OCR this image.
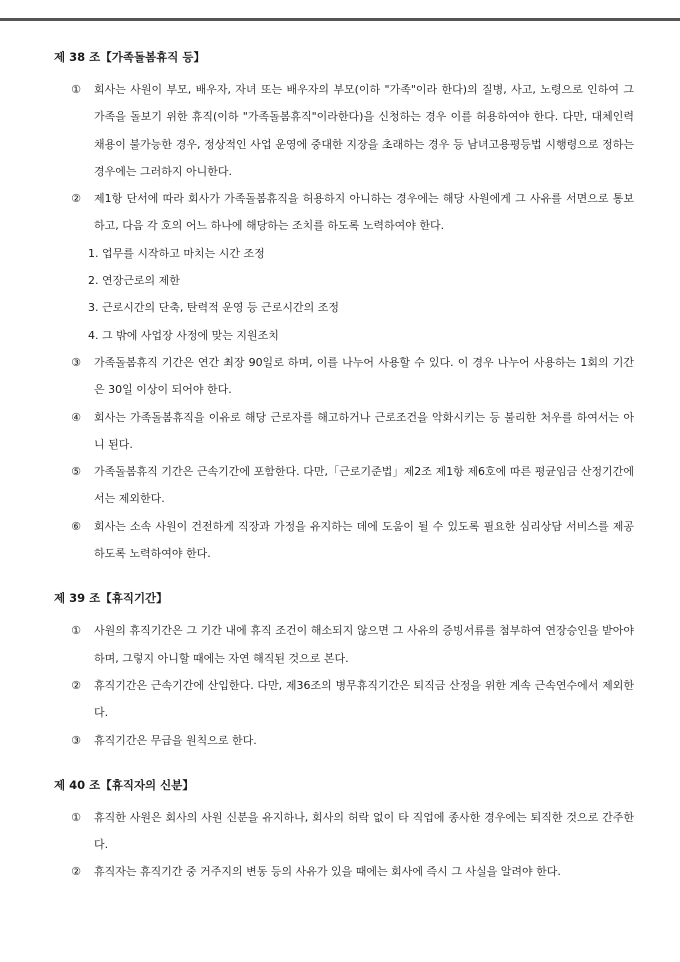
제 38 조【가족돌봄휴직 등】
①	회사는 사원이 부모, 배우자, 자녀 또는 배우자의 부모(이하 "가족"이라 한다)의 질병, 사고, 노령으로 인하여 그 가족을 돌보기 위한 휴직(이하 "가족돌봄휴직"이라한다)을 신청하는 경우 이를 허용하여야 한다. 다만, 대체인력 채용이 불가능한 경우, 정상적인 사업 운영에 중대한 지장을 초래하는 경우 등 남녀고용평등법 시행령으로 정하는 경우에는 그러하지 아니한다.
②	제1항 단서에 따라 회사가 가족돌봄휴직을 허용하지 아니하는 경우에는 해당 사원에게 그 사유를 서면으로 통보하고, 다음 각 호의 어느 하나에 해당하는 조치를 하도록 노력하여야 한다.
1. 업무를 시작하고 마치는 시간 조정
2. 연장근로의 제한
3. 근로시간의 단축, 탄력적 운영 등 근로시간의 조정
4. 그 밖에 사업장 사정에 맞는 지원조치
③	가족돌봄휴직 기간은 연간 최장 90일로 하며, 이를 나누어 사용할 수 있다. 이 경우 나누어 사용하는 1회의 기간은 30일 이상이 되어야 한다.
④	회사는 가족돌봄휴직을 이유로 해당 근로자를 해고하거나 근로조건을 악화시키는 등 불리한 처우를 하여서는 아니 된다.
⑤	가족돌봄휴직 기간은 근속기간에 포함한다. 다만,「근로기준법」제2조 제1항 제6호에 따른 평균임금 산정기간에서는 제외한다.
⑥	회사는 소속 사원이 건전하게 직장과 가정을 유지하는 데에 도움이 될 수 있도록 필요한 심리상담 서비스를 제공하도록 노력하여야 한다.
제 39 조【휴직기간】
①	사원의 휴직기간은 그 기간 내에 휴직 조건이 해소되지 않으면 그 사유의 증빙서류를 첨부하여 연장승인을 받아야 하며, 그렇지 아니할 때에는 자연 해직된 것으로 본다.
②	휴직기간은 근속기간에 산입한다. 다만, 제36조의 병무휴직기간은 퇴직금 산정을 위한 계속 근속연수에서 제외한다.
③	휴직기간은 무급을 원칙으로 한다.
제 40 조【휴직자의 신분】
①	휴직한 사원은 회사의 사원 신분을 유지하나, 회사의 허락 없이 타 직업에 종사한 경우에는 퇴직한 것으로 간주한다.
②	휴직자는 휴직기간 중 거주지의 변동 등의 사유가 있을 때에는 회사에 즉시 그 사실을 알려야 한다.
